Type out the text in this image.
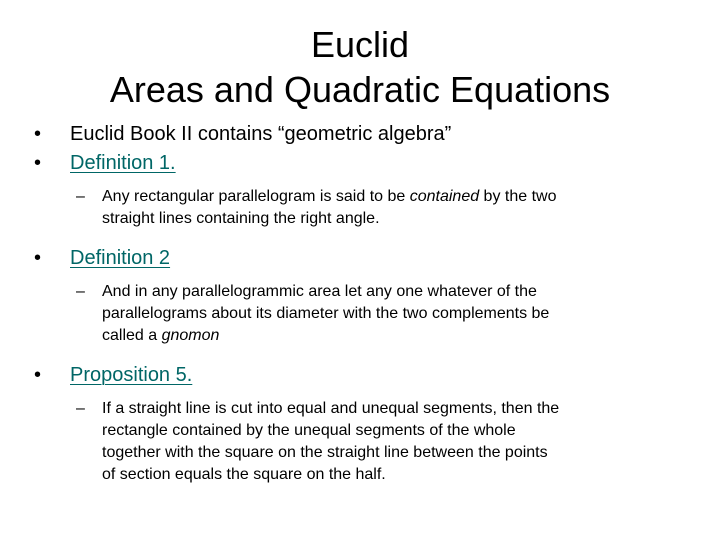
Euclid
Areas and Quadratic Equations
• Euclid Book II contains “geometric algebra”
• Definition 1.
– Any rectangular parallelogram is said to be contained by the two
straight lines containing the right angle.
• Definition 2
– And in any parallelogrammic area let any one whatever of the
parallelograms about its diameter with the two complements be
called a gnomon
• Proposition 5.
– If a straight line is cut into equal and unequal segments, then the
rectangle contained by the unequal segments of the whole
together with the square on the straight line between the points
of section equals the square on the half.
